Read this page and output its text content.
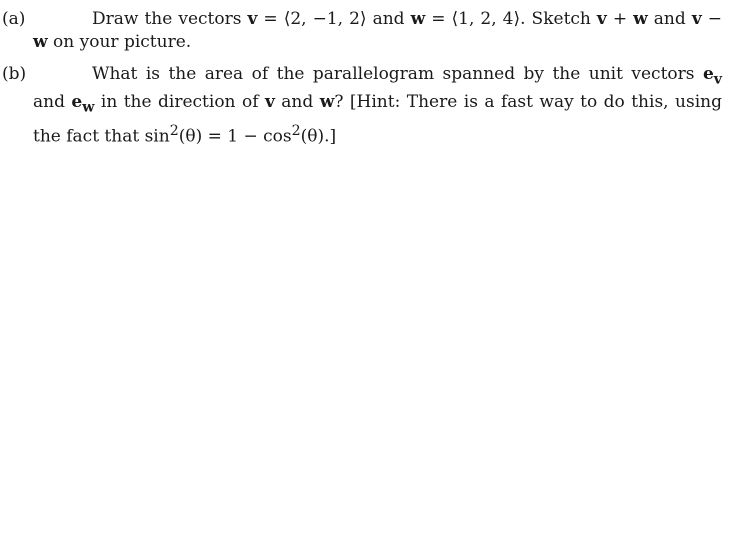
(a)	Draw the vectors v = ⟨2, −1, 2⟩ and w = ⟨1, 2, 4⟩. Sketch v + w and v − w on your picture.
(b)	What is the area of the parallelogram spanned by the unit vectors $e_v$ and $e_w$ in the direction of v and w? [Hint: There is a fast way to do this, using the fact that $\sin^2(\theta) = 1 - \cos^2(\theta)$.]
